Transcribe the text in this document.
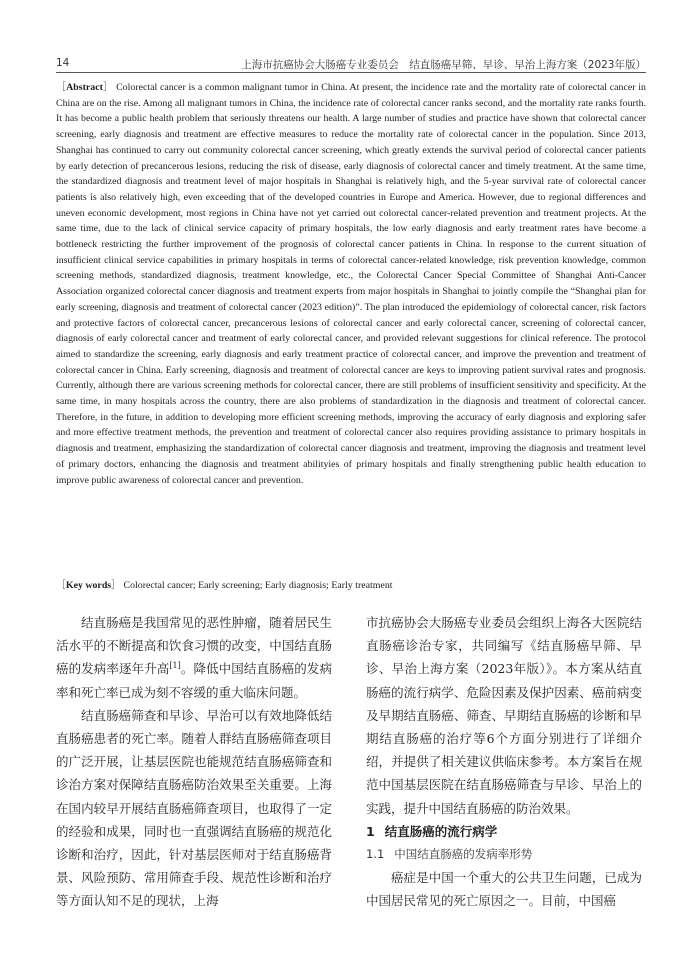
14	上海市抗癌协会大肠癌专业委员会　结直肠癌早筛、早诊、早治上海方案（2023年版）
［Abstract］ Colorectal cancer is a common malignant tumor in China. At present, the incidence rate and the mortality rate of colorectal cancer in China are on the rise. Among all malignant tumors in China, the incidence rate of colorectal cancer ranks second, and the mortality rate ranks fourth. It has become a public health problem that seriously threatens our health. A large number of studies and practice have shown that colorectal cancer screening, early diagnosis and treatment are effective measures to reduce the mortality rate of colorectal cancer in the population. Since 2013, Shanghai has continued to carry out community colorectal cancer screening, which greatly extends the survival period of colorectal cancer patients by early detection of precancerous lesions, reducing the risk of disease, early diagnosis of colorectal cancer and timely treatment. At the same time, the standardized diagnosis and treatment level of major hospitals in Shanghai is relatively high, and the 5-year survival rate of colorectal cancer patients is also relatively high, even exceeding that of the developed countries in Europe and America. However, due to regional differences and uneven economic development, most regions in China have not yet carried out colorectal cancer-related prevention and treatment projects. At the same time, due to the lack of clinical service capacity of primary hospitals, the low early diagnosis and early treatment rates have become a bottleneck restricting the further improvement of the prognosis of colorectal cancer patients in China. In response to the current situation of insufficient clinical service capabilities in primary hospitals in terms of colorectal cancer-related knowledge, risk prevention knowledge, common screening methods, standardized diagnosis, treatment knowledge, etc., the Colorectal Cancer Special Committee of Shanghai Anti-Cancer Association organized colorectal cancer diagnosis and treatment experts from major hospitals in Shanghai to jointly compile the “Shanghai plan for early screening, diagnosis and treatment of colorectal cancer (2023 edition)”. The plan introduced the epidemiology of colorectal cancer, risk factors and protective factors of colorectal cancer, precancerous lesions of colorectal cancer and early colorectal cancer, screening of colorectal cancer, diagnosis of early colorectal cancer and treatment of early colorectal cancer, and provided relevant suggestions for clinical reference. The protocol aimed to standardize the screening, early diagnosis and early treatment practice of colorectal cancer, and improve the prevention and treatment of colorectal cancer in China. Early screening, diagnosis and treatment of colorectal cancer are keys to improving patient survival rates and prognosis. Currently, although there are various screening methods for colorectal cancer, there are still problems of insufficient sensitivity and specificity. At the same time, in many hospitals across the country, there are also problems of standardization in the diagnosis and treatment of colorectal cancer. Therefore, in the future, in addition to developing more efficient screening methods, improving the accuracy of early diagnosis and exploring safer and more effective treatment methods, the prevention and treatment of colorectal cancer also requires providing assistance to primary hospitals in diagnosis and treatment, emphasizing the standardization of colorectal cancer diagnosis and treatment, improving the diagnosis and treatment level of primary doctors, enhancing the diagnosis and treatment abilityies of primary hospitals and finally strengthening public health education to improve public awareness of colorectal cancer and prevention.
［Key words］ Colorectal cancer; Early screening; Early diagnosis; Early treatment

结直肠癌是我国常见的恶性肿瘤，随着居民生活水平的不断提高和饮食习惯的改变，中国结直肠癌的发病率逐年升高[1]。降低中国结直肠癌的发病率和死亡率已成为刻不容缓的重大临床问题。

结直肠癌筛查和早诊、早治可以有效地降低结直肠癌患者的死亡率。随着人群结直肠癌筛查项目的广泛开展，让基层医院也能规范结直肠癌筛查和诊治方案对保障结直肠癌防治效果至关重要。上海在国内较早开展结直肠癌筛查项目，也取得了一定的经验和成果，同时也一直强调结直肠癌的规范化诊断和治疗，因此，针对基层医师对于结直肠癌背景、风险预防、常用筛查手段、规范性诊断和治疗等方面认知不足的现状，上海

市抗癌协会大肠癌专业委员会组织上海各大医院结直肠癌诊治专家，共同编写《结直肠癌早筛、早诊、早治上海方案（2023年版）》。本方案从结直肠癌的流行病学、危险因素及保护因素、癌前病变及早期结直肠癌、筛查、早期结直肠癌的诊断和早期结直肠癌的治疗等6个方面分别进行了详细介绍，并提供了相关建议供临床参考。本方案旨在规范中国基层医院在结直肠癌筛查与早诊、早治上的实践，提升中国结直肠癌的防治效果。

1 结直肠癌的流行病学

1.1 中国结直肠癌的发病率形势

癌症是中国一个重大的公共卫生问题，已成为中国居民常见的死亡原因之一。目前，中国癌
